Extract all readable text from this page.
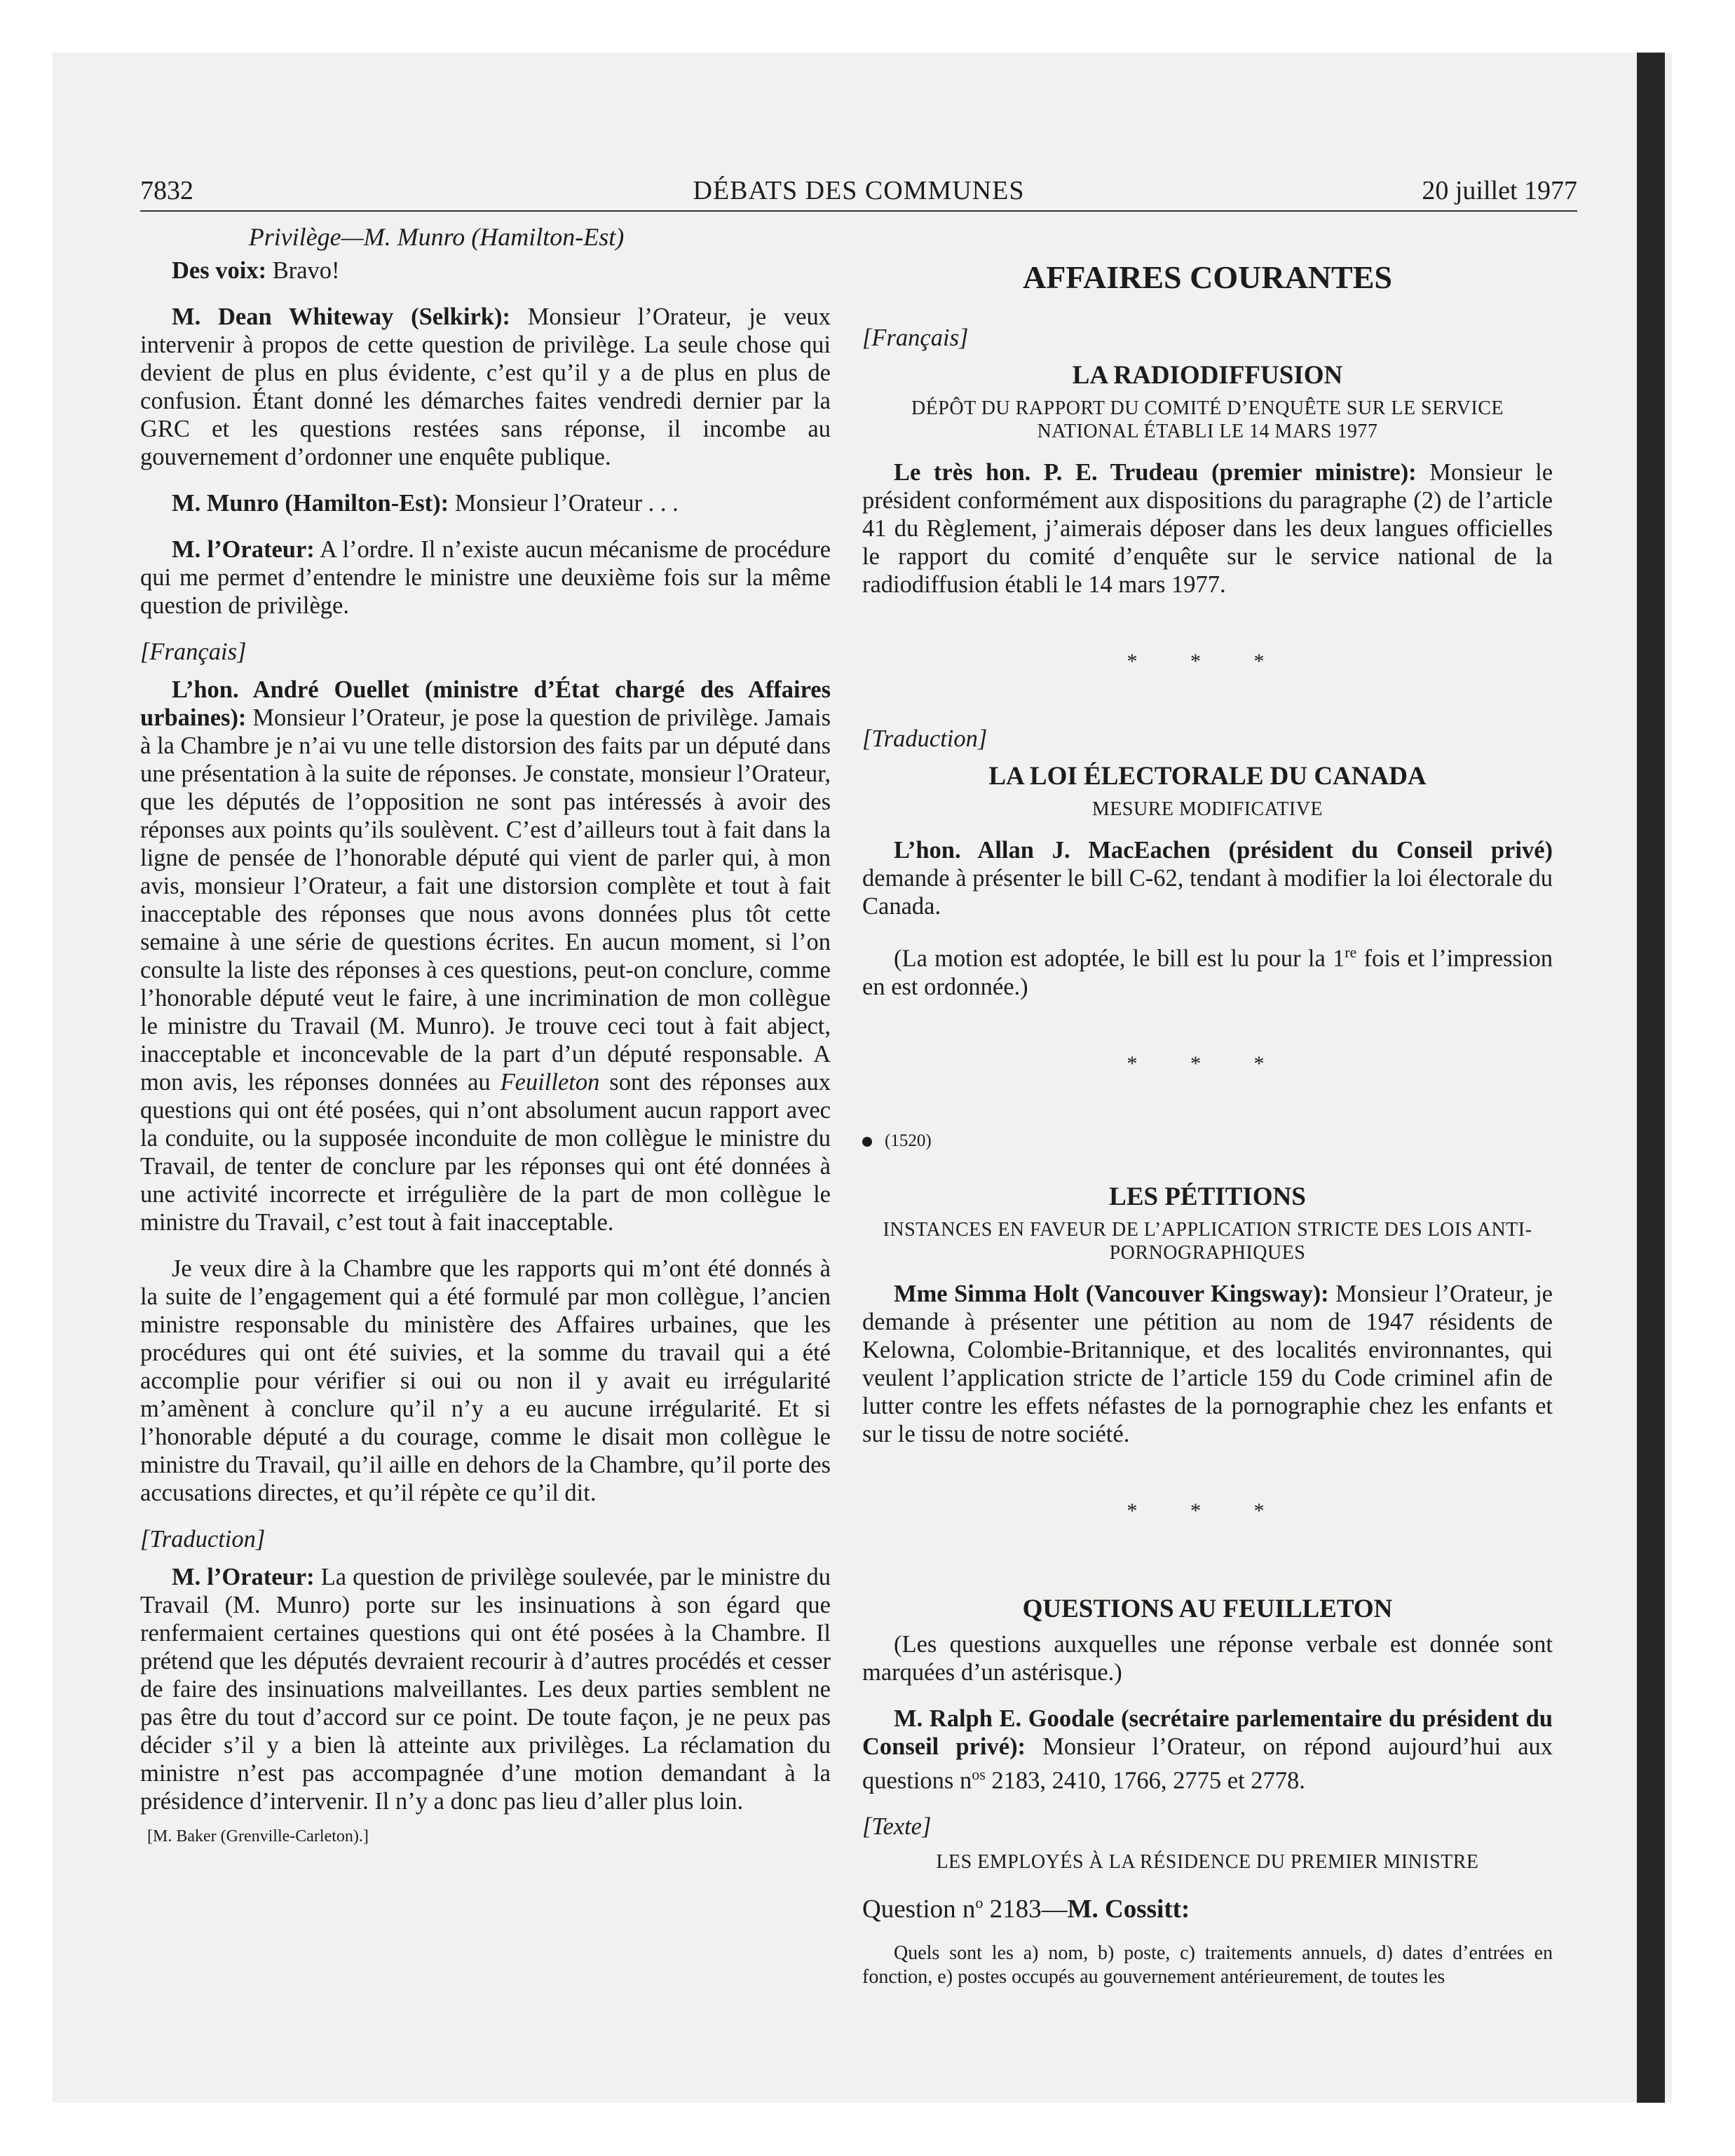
7832	DÉBATS DES COMMUNES	20 juillet 1977

Privilège—M. Munro (Hamilton-Est)

Des voix: Bravo!

M. Dean Whiteway (Selkirk): Monsieur l’Orateur, je veux intervenir à propos de cette question de privilège. La seule chose qui devient de plus en plus évidente, c’est qu’il y a de plus en plus de confusion. Étant donné les démarches faites vendredi dernier par la GRC et les questions restées sans réponse, il incombe au gouvernement d’ordonner une enquête publique.

M. Munro (Hamilton-Est): Monsieur l’Orateur . . .

M. l’Orateur: A l’ordre. Il n’existe aucun mécanisme de procédure qui me permet d’entendre le ministre une deuxième fois sur la même question de privilège.

[Français]

L’hon. André Ouellet (ministre d’État chargé des Affaires urbaines): Monsieur l’Orateur, je pose la question de privilège. Jamais à la Chambre je n’ai vu une telle distorsion des faits par un député dans une présentation à la suite de réponses. Je constate, monsieur l’Orateur, que les députés de l’opposition ne sont pas intéressés à avoir des réponses aux points qu’ils soulèvent. C’est d’ailleurs tout à fait dans la ligne de pensée de l’honorable député qui vient de parler qui, à mon avis, monsieur l’Orateur, a fait une distorsion complète et tout à fait inacceptable des réponses que nous avons données plus tôt cette semaine à une série de questions écrites. En aucun moment, si l’on consulte la liste des réponses à ces questions, peut-on conclure, comme l’honorable député veut le faire, à une incrimination de mon collègue le ministre du Travail (M. Munro). Je trouve ceci tout à fait abject, inacceptable et inconcevable de la part d’un député responsable. A mon avis, les réponses données au Feuilleton sont des réponses aux questions qui ont été posées, qui n’ont absolument aucun rapport avec la conduite, ou la supposée inconduite de mon collègue le ministre du Travail, de tenter de conclure par les réponses qui ont été données à une activité incorrecte et irrégulière de la part de mon collègue le ministre du Travail, c’est tout à fait inacceptable.

Je veux dire à la Chambre que les rapports qui m’ont été donnés à la suite de l’engagement qui a été formulé par mon collègue, l’ancien ministre responsable du ministère des Affaires urbaines, que les procédures qui ont été suivies, et la somme du travail qui a été accomplie pour vérifier si oui ou non il y avait eu irrégularité m’amènent à conclure qu’il n’y a eu aucune irrégularité. Et si l’honorable député a du courage, comme le disait mon collègue le ministre du Travail, qu’il aille en dehors de la Chambre, qu’il porte des accusations directes, et qu’il répète ce qu’il dit.

[Traduction]

M. l’Orateur: La question de privilège soulevée, par le ministre du Travail (M. Munro) porte sur les insinuations à son égard que renfermaient certaines questions qui ont été posées à la Chambre. Il prétend que les députés devraient recourir à d’autres procédés et cesser de faire des insinuations malveillantes. Les deux parties semblent ne pas être du tout d’accord sur ce point. De toute façon, je ne peux pas décider s’il y a bien là atteinte aux privilèges. La réclamation du ministre n’est pas accompagnée d’une motion demandant à la présidence d’intervenir. Il n’y a donc pas lieu d’aller plus loin.

[M. Baker (Grenville-Carleton).]

AFFAIRES COURANTES

[Français]

LA RADIODIFFUSION

DÉPÔT DU RAPPORT DU COMITÉ D’ENQUÊTE SUR LE SERVICE NATIONAL ÉTABLI LE 14 MARS 1977

Le très hon. P. E. Trudeau (premier ministre): Monsieur le président conformément aux dispositions du paragraphe (2) de l’article 41 du Règlement, j’aimerais déposer dans les deux langues officielles le rapport du comité d’enquête sur le service national de la radiodiffusion établi le 14 mars 1977.

* * *

[Traduction]

LA LOI ÉLECTORALE DU CANADA

MESURE MODIFICATIVE

L’hon. Allan J. MacEachen (président du Conseil privé) demande à présenter le bill C-62, tendant à modifier la loi électorale du Canada.

(La motion est adoptée, le bill est lu pour la 1re fois et l’impression en est ordonnée.)

* * *

(1520)

LES PÉTITIONS

INSTANCES EN FAVEUR DE L’APPLICATION STRICTE DES LOIS ANTI-PORNOGRAPHIQUES

Mme Simma Holt (Vancouver Kingsway): Monsieur l’Orateur, je demande à présenter une pétition au nom de 1947 résidents de Kelowna, Colombie-Britannique, et des localités environnantes, qui veulent l’application stricte de l’article 159 du Code criminel afin de lutter contre les effets néfastes de la pornographie chez les enfants et sur le tissu de notre société.

* * *

QUESTIONS AU FEUILLETON

(Les questions auxquelles une réponse verbale est donnée sont marquées d’un astérisque.)

M. Ralph E. Goodale (secrétaire parlementaire du président du Conseil privé): Monsieur l’Orateur, on répond aujourd’hui aux questions $n^{os}$ 2183, 2410, 1766, 2775 et 2778.

[Texte]

LES EMPLOYÉS À LA RÉSIDENCE DU PREMIER MINISTRE

Question $n^o$ 2183—M. Cossitt:

Quels sont les a) nom, b) poste, c) traitements annuels, d) dates d’entrées en fonction, e) postes occupés au gouvernement antérieurement, de toutes les
